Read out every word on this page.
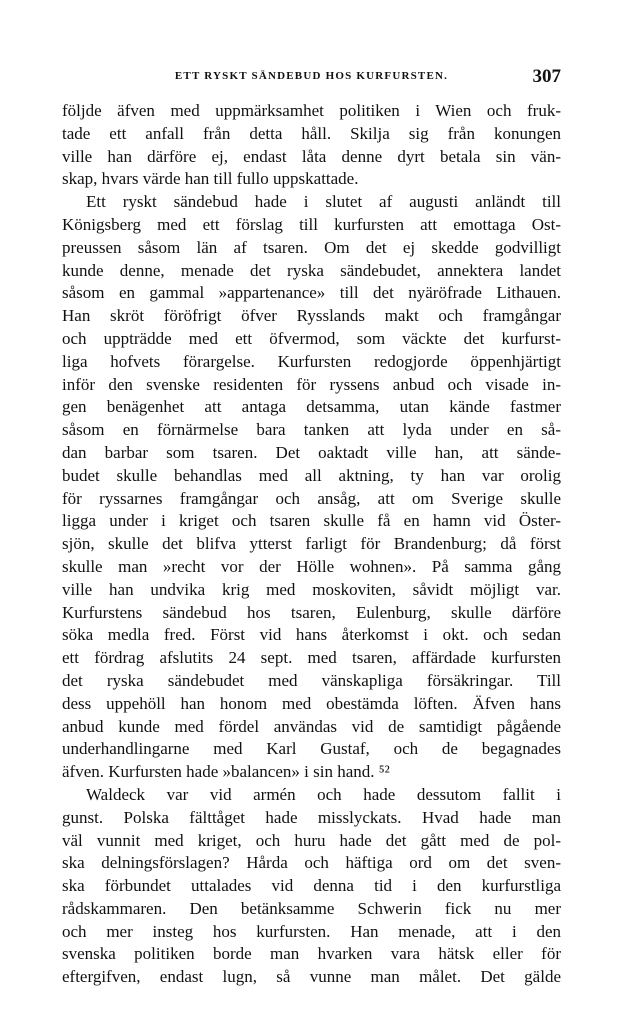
ETT RYSKT SÄNDEBUD HOS KURFURSTEN.	307
följde äfven med uppmärksamhet politiken i Wien och fruk-
tade ett anfall från detta håll. Skilja sig från konungen
ville han därföre ej, endast låta denne dyrt betala sin vän-
skap, hvars värde han till fullo uppskattade.
Ett ryskt sändebud hade i slutet af augusti anländt till
Königsberg med ett förslag till kurfursten att emottaga Ost-
preussen såsom län af tsaren. Om det ej skedde godvilligt
kunde denne, menade det ryska sändebudet, annektera landet
såsom en gammal »appartenance» till det nyäröfrade Lithauen.
Han skröt föröfrigt öfver Rysslands makt och framgångar
och uppträdde med ett öfvermod, som väckte det kurfurst-
liga hofvets förargelse. Kurfursten redogjorde öppenhjärtigt
inför den svenske residenten för ryssens anbud och visade in-
gen benägenhet att antaga detsamma, utan kände fastmer
såsom en förnärmelse bara tanken att lyda under en så-
dan barbar som tsaren. Det oaktadt ville han, att sände-
budet skulle behandlas med all aktning, ty han var orolig
för ryssarnes framgångar och ansåg, att om Sverige skulle
ligga under i kriget och tsaren skulle få en hamn vid Öster-
sjön, skulle det blifva ytterst farligt för Brandenburg; då först
skulle man »recht vor der Hölle wohnen». På samma gång
ville han undvika krig med moskoviten, såvidt möjligt var.
Kurfurstens sändebud hos tsaren, Eulenburg, skulle därföre
söka medla fred. Först vid hans återkomst i okt. och sedan
ett fördrag afslutits 24 sept. med tsaren, affärdade kurfursten
det ryska sändebudet med vänskapliga försäkringar. Till
dess uppehöll han honom med obestämda löften. Äfven hans
anbud kunde med fördel användas vid de samtidigt pågående
underhandlingarne med Karl Gustaf, och de begagnades
äfven. Kurfursten hade »balancen» i sin hand. ⁵²
Waldeck var vid armén och hade dessutom fallit i
gunst. Polska fälttåget hade misslyckats. Hvad hade man
väl vunnit med kriget, och huru hade det gått med de pol-
ska delningsförslagen? Hårda och häftiga ord om det sven-
ska förbundet uttalades vid denna tid i den kurfurstliga
rådskammaren. Den betänksamme Schwerin fick nu mer
och mer insteg hos kurfursten. Han menade, att i den
svenska politiken borde man hvarken vara hätsk eller för
eftergifven, endast lugn, så vunne man målet. Det gälde
